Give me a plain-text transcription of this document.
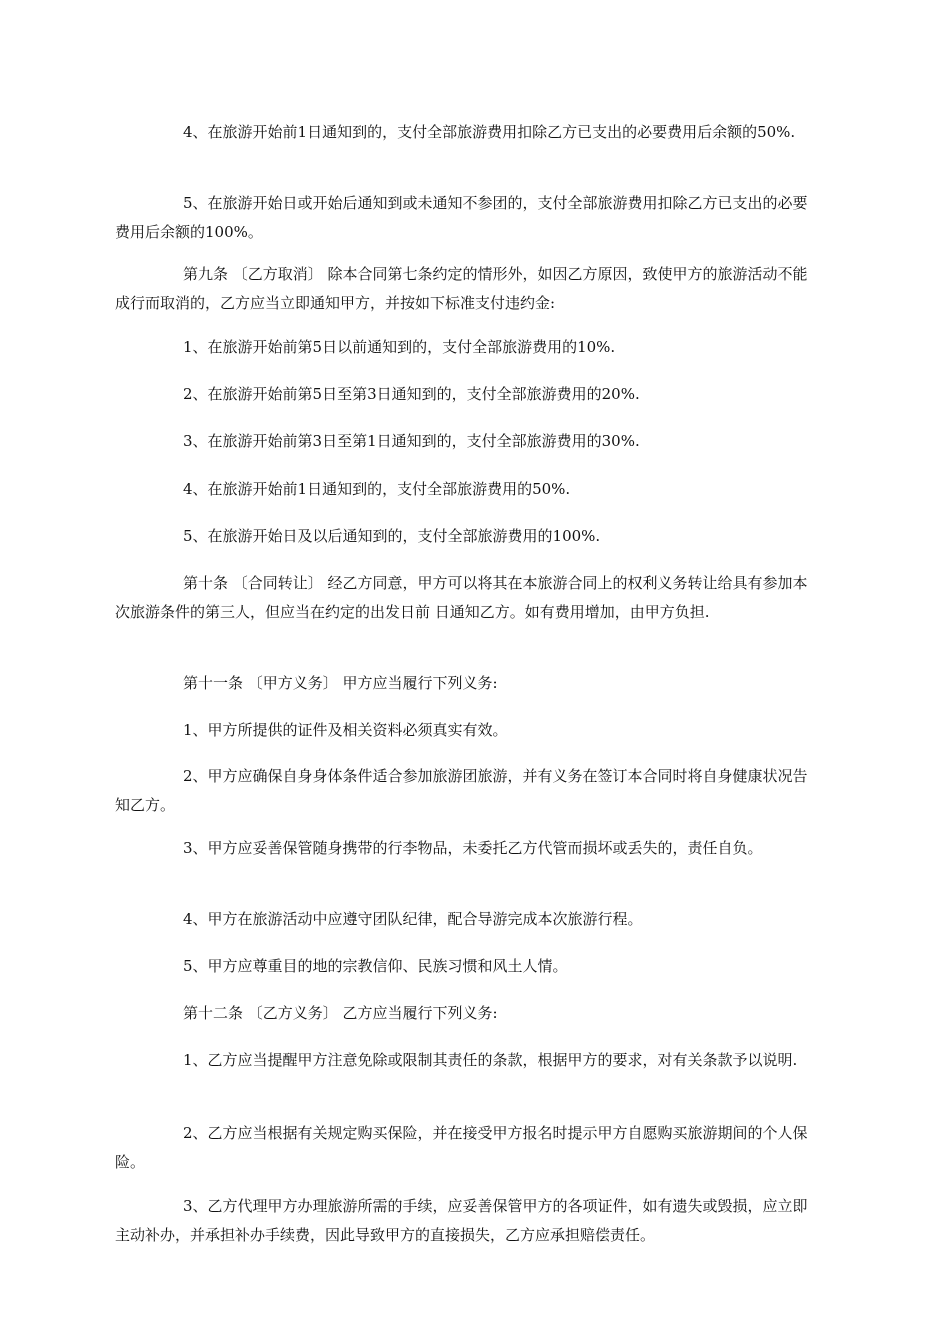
4、在旅游开始前1日通知到的，支付全部旅游费用扣除乙方已支出的必要费用后余额的50%.

5、在旅游开始日或开始后通知到或未通知不参团的，支付全部旅游费用扣除乙方已支出的必要费用后余额的100%。

第九条 〔乙方取消〕 除本合同第七条约定的情形外，如因乙方原因，致使甲方的旅游活动不能成行而取消的，乙方应当立即通知甲方，并按如下标准支付违约金:

1、在旅游开始前第5日以前通知到的，支付全部旅游费用的10%.

2、在旅游开始前第5日至第3日通知到的，支付全部旅游费用的20%.

3、在旅游开始前第3日至第1日通知到的，支付全部旅游费用的30%.

4、在旅游开始前1日通知到的，支付全部旅游费用的50%.

5、在旅游开始日及以后通知到的，支付全部旅游费用的100%.

第十条 〔合同转让〕 经乙方同意，甲方可以将其在本旅游合同上的权利义务转让给具有参加本次旅游条件的第三人，但应当在约定的出发日前 日通知乙方。如有费用增加，由甲方负担.

第十一条 〔甲方义务〕 甲方应当履行下列义务:

1、甲方所提供的证件及相关资料必须真实有效。

2、甲方应确保自身身体条件适合参加旅游团旅游，并有义务在签订本合同时将自身健康状况告知乙方。

3、甲方应妥善保管随身携带的行李物品，未委托乙方代管而损坏或丢失的，责任自负。

4、甲方在旅游活动中应遵守团队纪律，配合导游完成本次旅游行程。

5、甲方应尊重目的地的宗教信仰、民族习惯和风土人情。

第十二条 〔乙方义务〕 乙方应当履行下列义务:

1、乙方应当提醒甲方注意免除或限制其责任的条款，根据甲方的要求，对有关条款予以说明.

2、乙方应当根据有关规定购买保险，并在接受甲方报名时提示甲方自愿购买旅游期间的个人保险。

3、乙方代理甲方办理旅游所需的手续，应妥善保管甲方的各项证件，如有遗失或毁损，应立即主动补办，并承担补办手续费，因此导致甲方的直接损失，乙方应承担赔偿责任。
